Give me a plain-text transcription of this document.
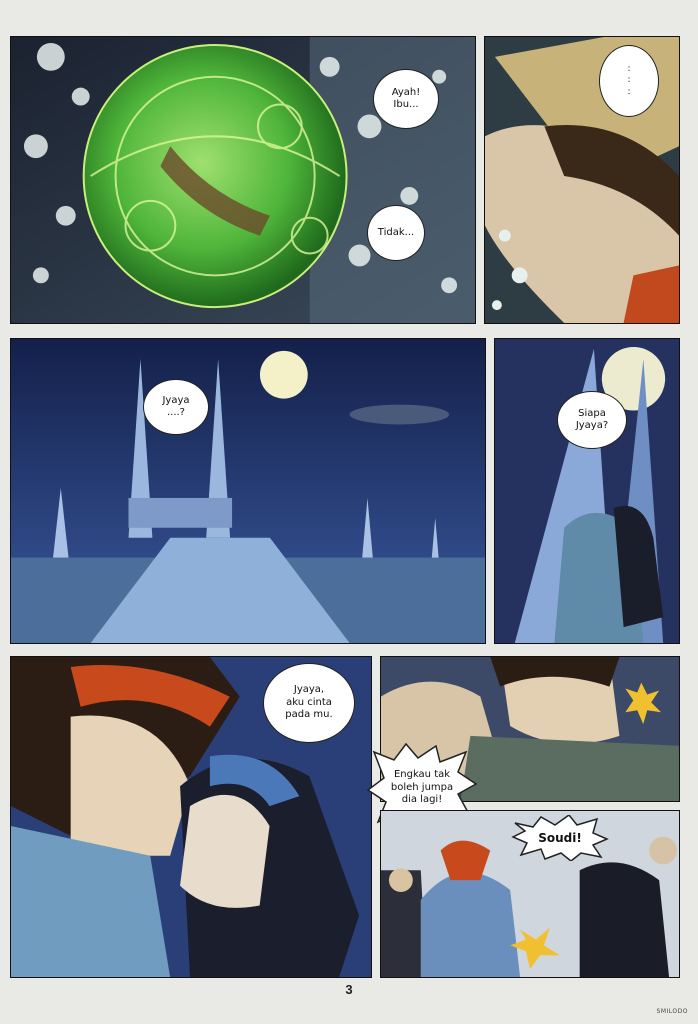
Ayah!
Ibu...
Tidak...
:
:
:
Jyaya
....?	Siapa
Jyaya?
Jyaya,
aku cinta
pada mu.
Engkau tak
boleh jumpa
dia lagi!
Soudi!
3
SMILODO
